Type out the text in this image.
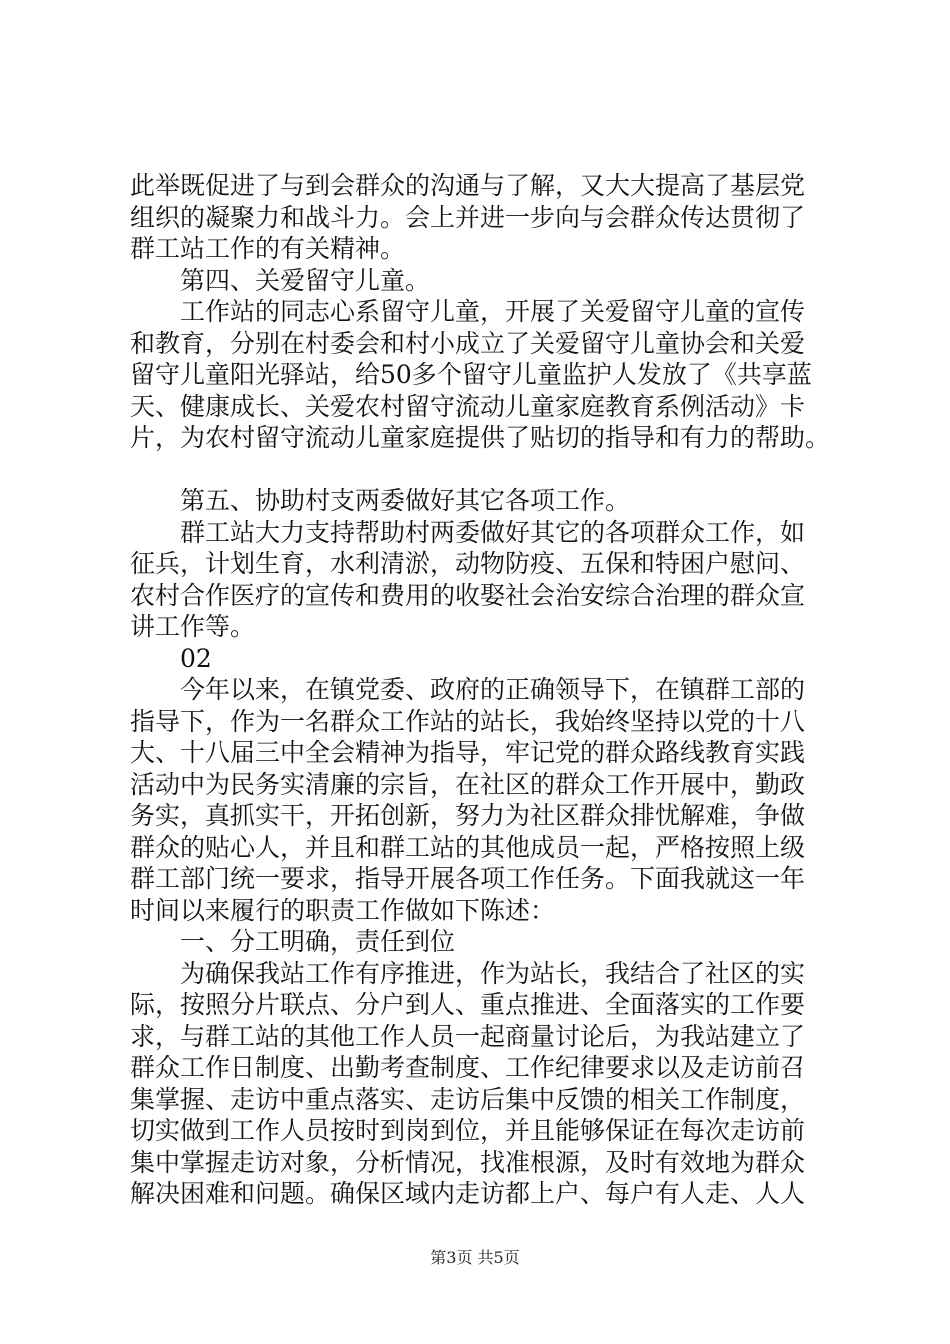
此举既促进了与到会群众的沟通与了解，又大大提高了基层党
组织的凝聚力和战斗力。会上并进一步向与会群众传达贯彻了
群工站工作的有关精神。
第四、关爱留守儿童。
工作站的同志心系留守儿童，开展了关爱留守儿童的宣传
和教育，分别在村委会和村小成立了关爱留守儿童协会和关爱
留守儿童阳光驿站，给50多个留守儿童监护人发放了《共享蓝
天、健康成长、关爱农村留守流动儿童家庭教育系例活动》卡
片，为农村留守流动儿童家庭提供了贴切的指导和有力的帮助。
第五、协助村支两委做好其它各项工作。
群工站大力支持帮助村两委做好其它的各项群众工作，如
征兵，计划生育，水利清淤，动物防疫、五保和特困户慰问、
农村合作医疗的宣传和费用的收娶社会治安综合治理的群众宣
讲工作等。
02
今年以来，在镇党委、政府的正确领导下，在镇群工部的
指导下，作为一名群众工作站的站长，我始终坚持以党的十八
大、十八届三中全会精神为指导，牢记党的群众路线教育实践
活动中为民务实清廉的宗旨，在社区的群众工作开展中，勤政
务实，真抓实干，开拓创新，努力为社区群众排忧解难，争做
群众的贴心人，并且和群工站的其他成员一起，严格按照上级
群工部门统一要求，指导开展各项工作任务。下面我就这一年
时间以来履行的职责工作做如下陈述：
一、分工明确，责任到位
为确保我站工作有序推进，作为站长，我结合了社区的实
际，按照分片联点、分户到人、重点推进、全面落实的工作要
求，与群工站的其他工作人员一起商量讨论后，为我站建立了
群众工作日制度、出勤考查制度、工作纪律要求以及走访前召
集掌握、走访中重点落实、走访后集中反馈的相关工作制度，
切实做到工作人员按时到岗到位，并且能够保证在每次走访前
集中掌握走访对象，分析情况，找准根源，及时有效地为群众
解决困难和问题。确保区域内走访都上户、每户有人走、人人
第3页 共5页
